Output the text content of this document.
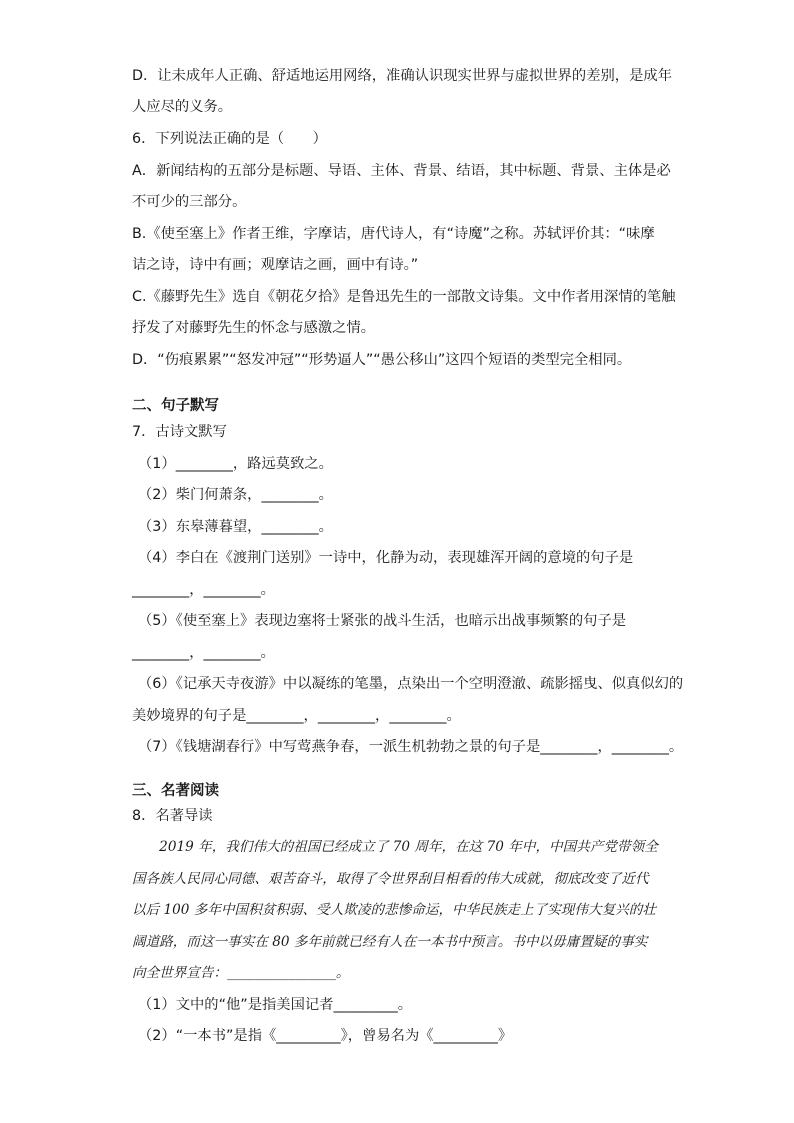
D．让未成年人正确、舒适地运用网络，准确认识现实世界与虚拟世界的差别，是成年
人应尽的义务。
6．下列说法正确的是（　　）
A．新闻结构的五部分是标题、导语、主体、背景、结语，其中标题、背景、主体是必
不可少的三部分。
B.《使至塞上》作者王维，字摩诘，唐代诗人，有“诗魔”之称。苏轼评价其：“味摩
诘之诗，诗中有画；观摩诘之画，画中有诗。”
C.《藤野先生》选自《朝花夕拾》是鲁迅先生的一部散文诗集。文中作者用深情的笔触
抒发了对藤野先生的怀念与感激之情。
D．“伤痕累累”“怒发冲冠”“形势逼人”“愚公移山”这四个短语的类型完全相同。
二、句子默写
7．古诗文默写
（1）________，路远莫致之。
（2）柴门何萧条，________。
（3）东皋薄暮望，________。
（4）李白在《渡荆门送别》一诗中，化静为动，表现雄浑开阔的意境的句子是
________，________。
（5）《使至塞上》表现边塞将士紧张的战斗生活，也暗示出战事频繁的句子是
________，________。
（6）《记承天寺夜游》中以凝练的笔墨，点染出一个空明澄澈、疏影摇曳、似真似幻的
美妙境界的句子是________，________，________。
（7）《钱塘湖春行》中写莺燕争春，一派生机勃勃之景的句子是________，________。
三、名著阅读
8．名著导读
　　2019 年，我们伟大的祖国已经成立了 70 周年，在这 70 年中，中国共产党带领全
国各族人民同心同德、艰苦奋斗，取得了令世界刮目相看的伟大成就，彻底改变了近代
以后 100 多年中国积贫积弱、受人欺凌的悲惨命运，中华民族走上了实现伟大复兴的壮
阔道路，而这一事实在 80 多年前就已经有人在一本书中预言。书中以毋庸置疑的事实
向全世界宣告：________________。
（1）文中的“他”是指美国记者_________。
（2）“一本书”是指《_________》，曾易名为《_________》
